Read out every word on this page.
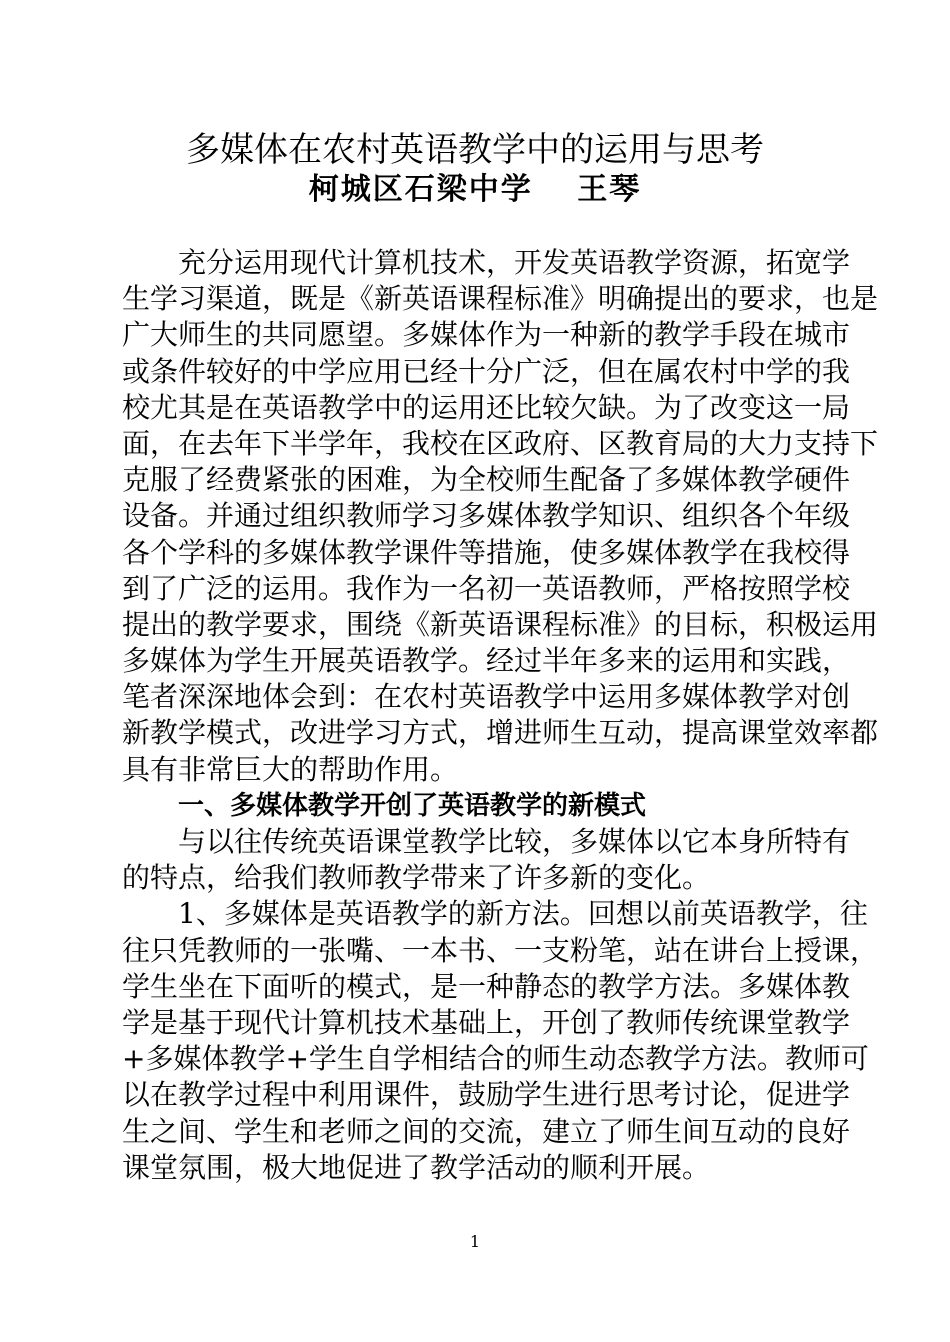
多媒体在农村英语教学中的运用与思考
柯城区石梁中学　 王琴
充分运用现代计算机技术，开发英语教学资源，拓宽学
生学习渠道，既是《新英语课程标准》明确提出的要求，也是
广大师生的共同愿望。多媒体作为一种新的教学手段在城市
或条件较好的中学应用已经十分广泛，但在属农村中学的我
校尤其是在英语教学中的运用还比较欠缺。为了改变这一局
面，在去年下半学年，我校在区政府、区教育局的大力支持下
克服了经费紧张的困难，为全校师生配备了多媒体教学硬件
设备。并通过组织教师学习多媒体教学知识、组织各个年级
各个学科的多媒体教学课件等措施，使多媒体教学在我校得
到了广泛的运用。我作为一名初一英语教师，严格按照学校
提出的教学要求，围绕《新英语课程标准》的目标，积极运用
多媒体为学生开展英语教学。经过半年多来的运用和实践，
笔者深深地体会到：在农村英语教学中运用多媒体教学对创
新教学模式，改进学习方式，增进师生互动，提高课堂效率都
具有非常巨大的帮助作用。
一、多媒体教学开创了英语教学的新模式
与以往传统英语课堂教学比较，多媒体以它本身所特有
的特点，给我们教师教学带来了许多新的变化。
1、多媒体是英语教学的新方法。回想以前英语教学，往
往只凭教师的一张嘴、一本书、一支粉笔，站在讲台上授课，
学生坐在下面听的模式，是一种静态的教学方法。多媒体教
学是基于现代计算机技术基础上，开创了教师传统课堂教学
+多媒体教学+学生自学相结合的师生动态教学方法。教师可
以在教学过程中利用课件，鼓励学生进行思考讨论，促进学
生之间、学生和老师之间的交流，建立了师生间互动的良好
课堂氛围，极大地促进了教学活动的顺利开展。
1
